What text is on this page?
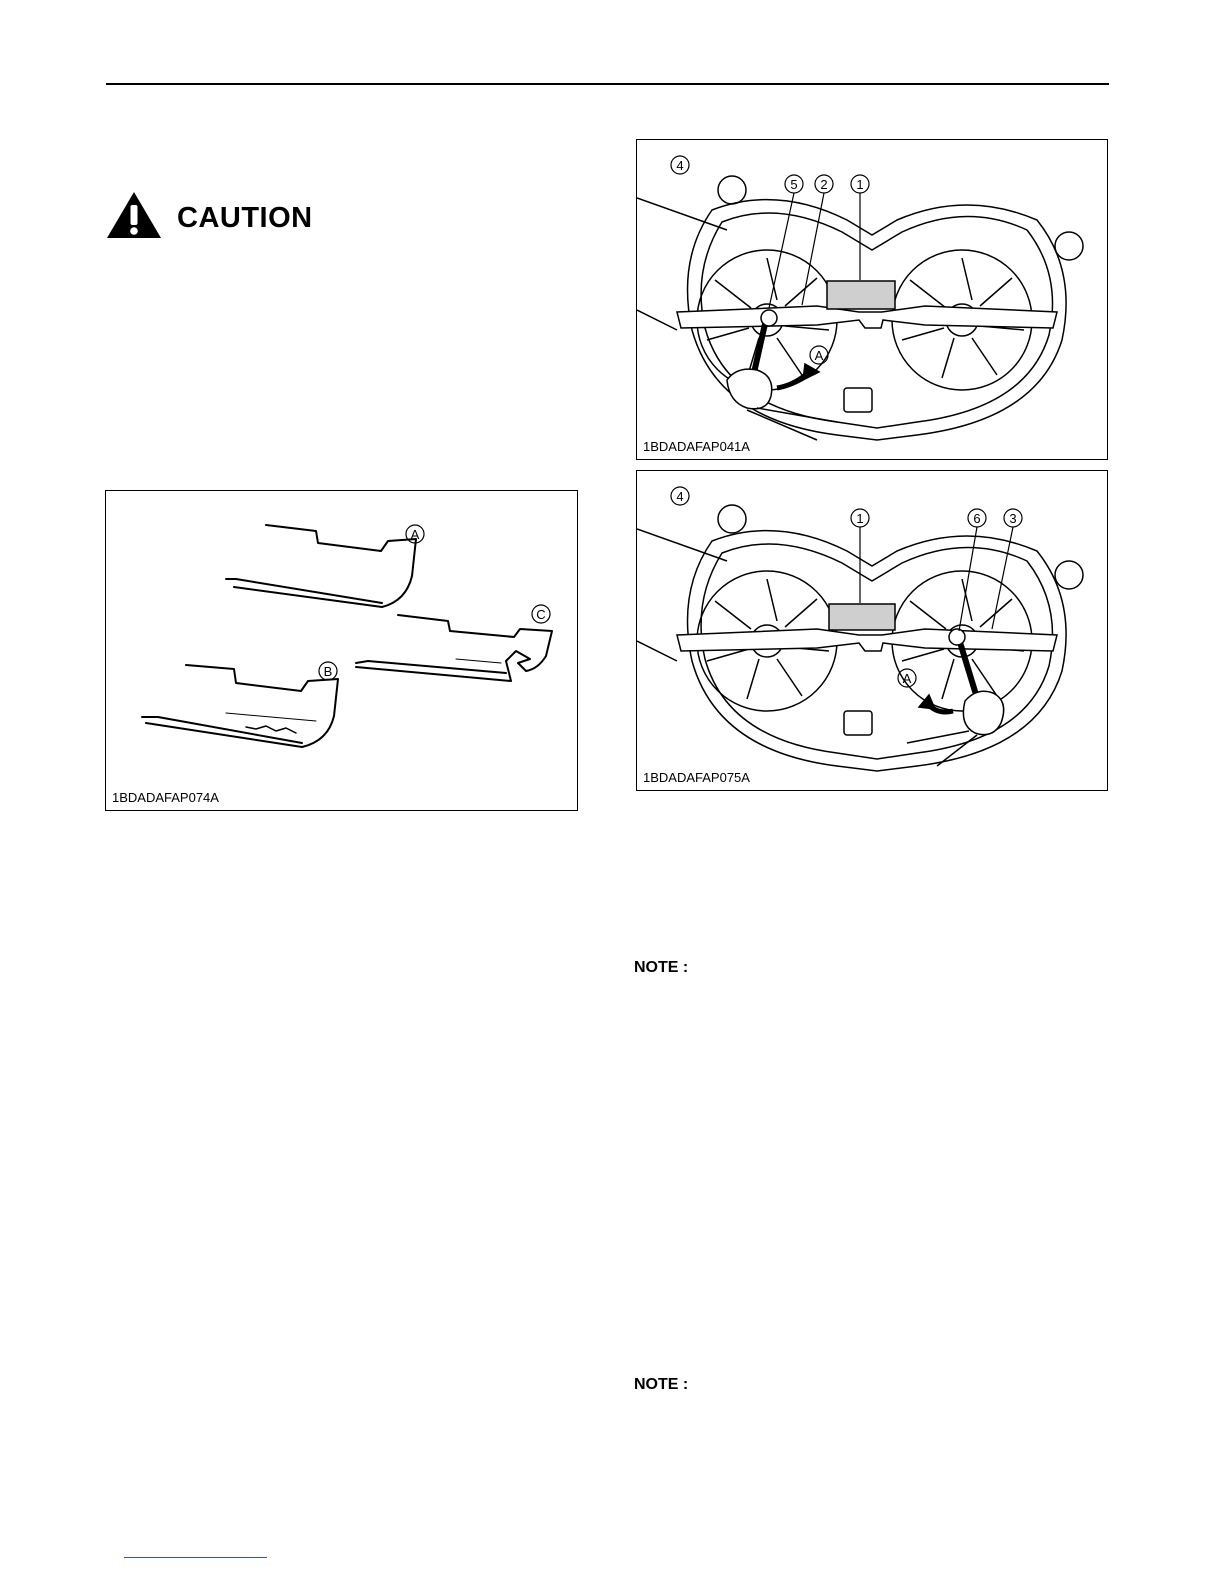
CAUTION
A
C
B
1BDADAFAP074A
4
5 2 1
A
1BDADAFAP041A
4
1	6 3
A
1BDADAFAP075A
NOTE :
NOTE :
